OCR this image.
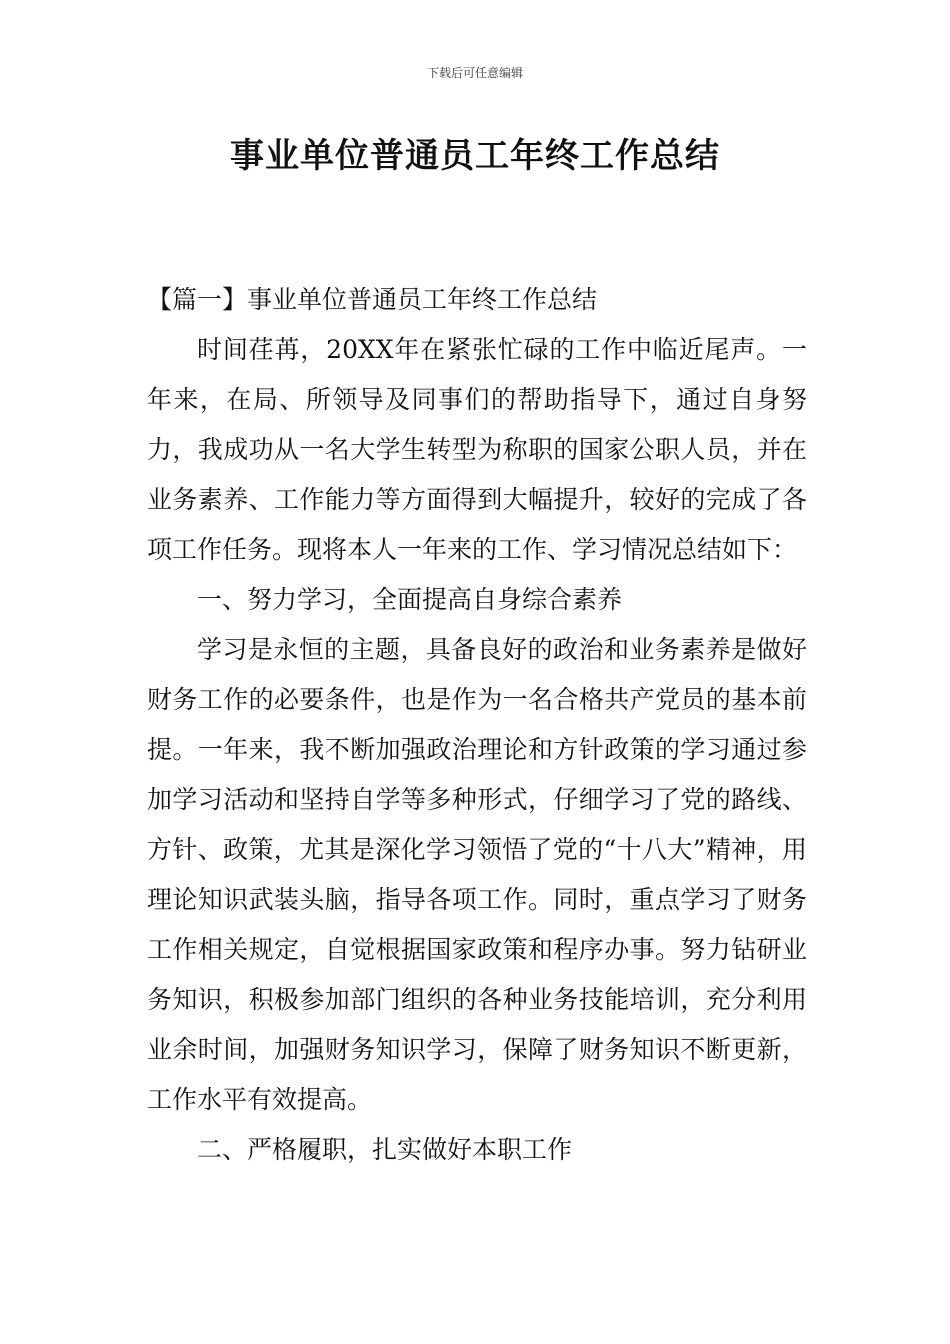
下载后可任意编辑
事业单位普通员工年终工作总结

【篇一】事业单位普通员工年终工作总结

时间荏苒，20XX年在紧张忙碌的工作中临近尾声。一年来，在局、所领导及同事们的帮助指导下，通过自身努力，我成功从一名大学生转型为称职的国家公职人员，并在业务素养、工作能力等方面得到大幅提升，较好的完成了各项工作任务。现将本人一年来的工作、学习情况总结如下：

一、努力学习，全面提高自身综合素养

学习是永恒的主题，具备良好的政治和业务素养是做好财务工作的必要条件，也是作为一名合格共产党员的基本前提。一年来，我不断加强政治理论和方针政策的学习通过参加学习活动和坚持自学等多种形式，仔细学习了党的路线、方针、政策，尤其是深化学习领悟了党的“十八大”精神，用理论知识武装头脑，指导各项工作。同时，重点学习了财务工作相关规定，自觉根据国家政策和程序办事。努力钻研业务知识，积极参加部门组织的各种业务技能培训，充分利用业余时间，加强财务知识学习，保障了财务知识不断更新，工作水平有效提高。

二、严格履职，扎实做好本职工作
